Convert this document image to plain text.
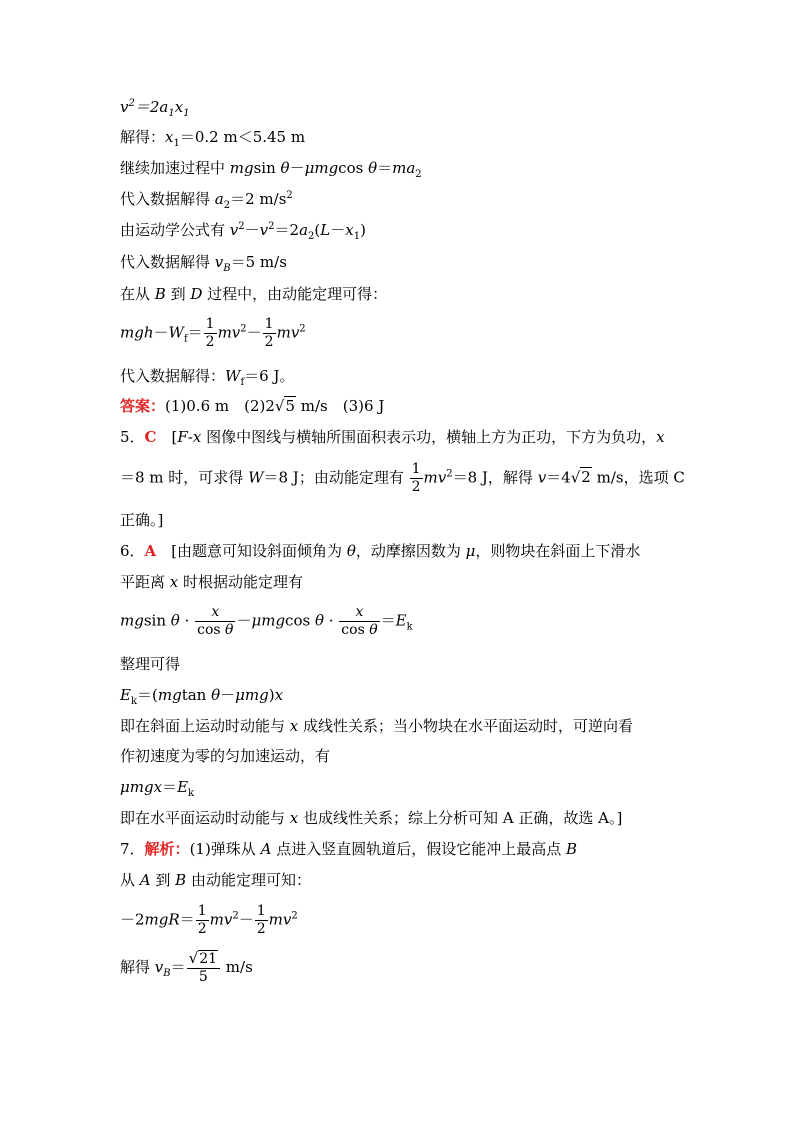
$v^2=2a_1x_1$
解得：$x_1=0.2$ m＜5.45 m
继续加速过程中 mgsin θ－μmgcos $\theta=ma_2$
代入数据解得 $a_2=2$ $m/s^2$
由运动学公式有 $v^2-v^2=2a_2(L-x_1)$
代入数据解得 $v_B=5$ m/s
在从 B 到 D 过程中，由动能定理可得：
$mgh-W_f= \frac{1}{2} mv^2- \frac{1}{2} mv^2$
代入数据解得：$W_f=6$ J。
答案：(1)0.6 m　(2)2√5 m/s　(3)6 J
5．C　[F-x 图像中图线与横轴所围面积表示功，横轴上方为正功，下方为负功，x
＝8 m 时，可求得 W＝8 J；由动能定理有 $\frac{1}{2} mv^2=8$ J，解得 v＝4√2 m/s，选项 C
正确。]
6．A　[由题意可知设斜面倾角为 θ，动摩擦因数为 μ，则物块在斜面上下滑水
平距离 x 时根据动能定理有
mgsin $\theta \cdot \frac{x}{\text{cos θ}} -\mu mgcos$ $\theta \cdot \frac{x}{\text{cos θ}} =E_k$
整理可得
$E_k=(mgtan$ θ－μmg)x
即在斜面上运动时动能与 x 成线性关系；当小物块在水平面运动时，可逆向看
作初速度为零的匀加速运动，有
$\mu mgx=E_k$
即在水平面运动时动能与 x 也成线性关系；综上分析可知 A 正确，故选 A。]
7．解析：(1)弹珠从 A 点进入竖直圆轨道后，假设它能冲上最高点 B
从 A 到 B 由动能定理可知：
$-2mgR= \frac{1}{2} mv^2- \frac{1}{2} mv^2$
解得 $v_B= \frac{√21}{5} m/s$
